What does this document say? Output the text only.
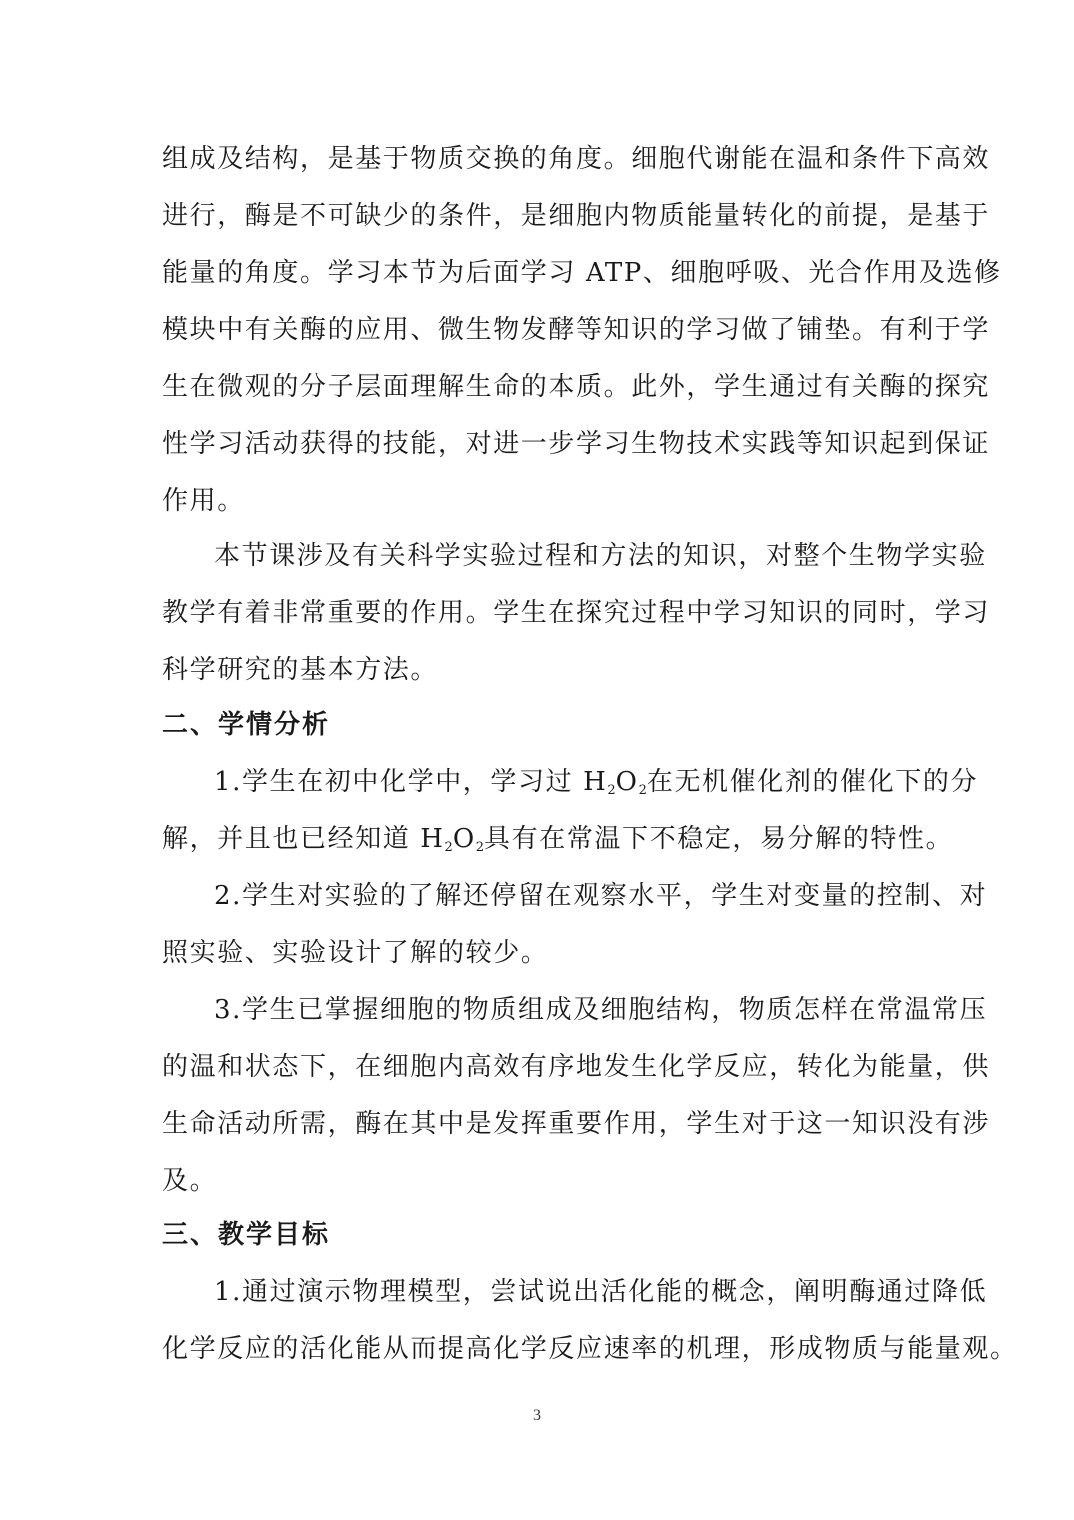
组成及结构，是基于物质交换的角度。细胞代谢能在温和条件下高效
进行，酶是不可缺少的条件，是细胞内物质能量转化的前提，是基于
能量的角度。学习本节为后面学习 ATP、细胞呼吸、光合作用及选修
模块中有关酶的应用、微生物发酵等知识的学习做了铺垫。有利于学
生在微观的分子层面理解生命的本质。此外，学生通过有关酶的探究
性学习活动获得的技能，对进一步学习生物技术实践等知识起到保证
作用。
本节课涉及有关科学实验过程和方法的知识，对整个生物学实验
教学有着非常重要的作用。学生在探究过程中学习知识的同时，学习
科学研究的基本方法。
二、学情分析
1.学生在初中化学中，学习过 $H_2O_2$在无机催化剂的催化下的分
解，并且也已经知道 $H_2O_2$具有在常温下不稳定，易分解的特性。
2.学生对实验的了解还停留在观察水平，学生对变量的控制、对
照实验、实验设计了解的较少。
3.学生已掌握细胞的物质组成及细胞结构，物质怎样在常温常压
的温和状态下，在细胞内高效有序地发生化学反应，转化为能量，供
生命活动所需，酶在其中是发挥重要作用，学生对于这一知识没有涉
及。
三、教学目标
1.通过演示物理模型，尝试说出活化能的概念，阐明酶通过降低
化学反应的活化能从而提高化学反应速率的机理，形成物质与能量观。
3
